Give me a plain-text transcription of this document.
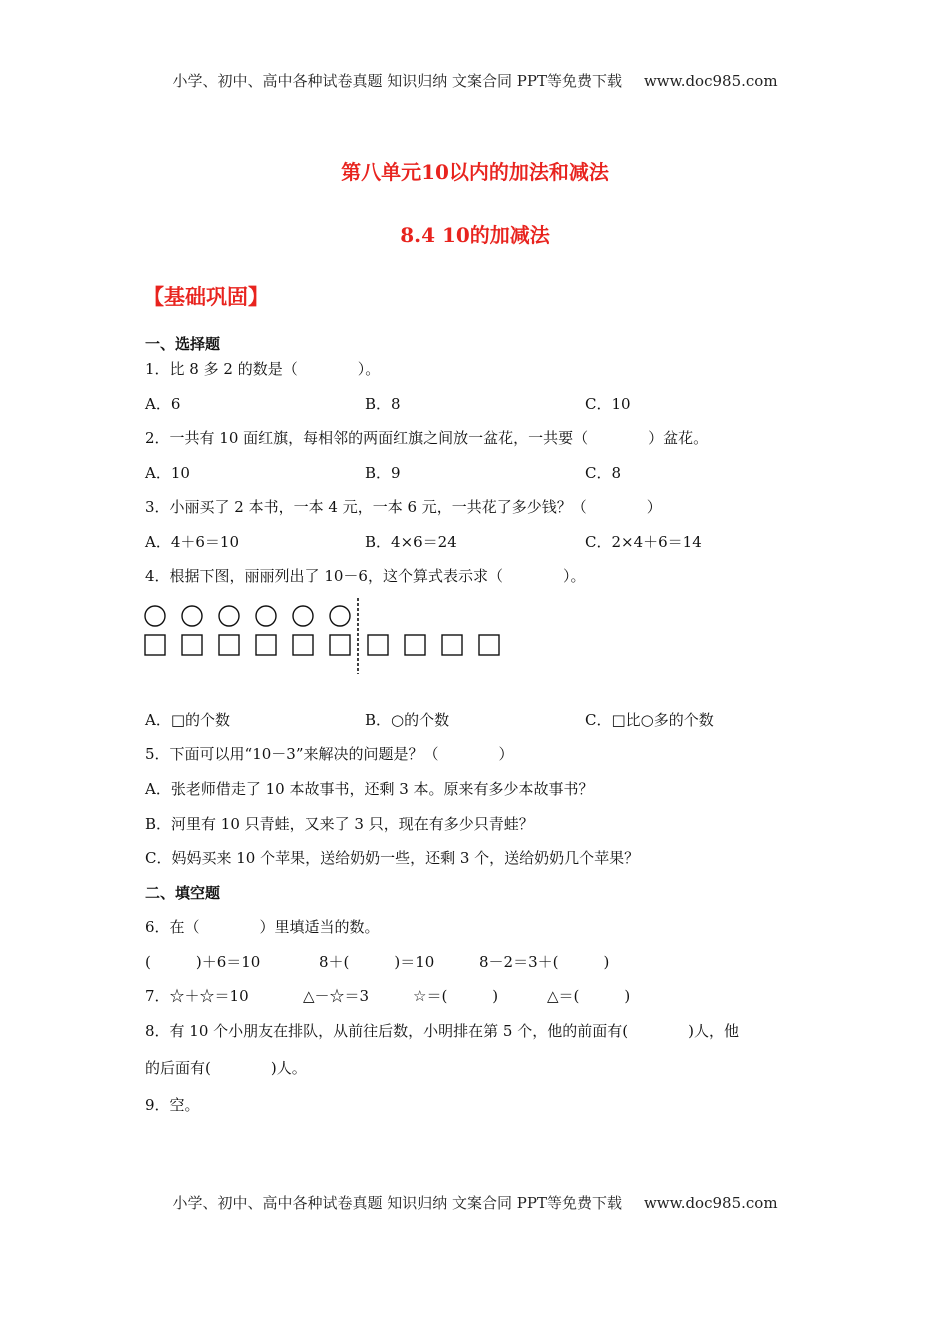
小学、初中、高中各种试卷真题 知识归纳 文案合同 PPT等免费下载 www.doc985.com
第八单元10以内的加法和减法
8.4 10的加减法
【基础巩固】
一、选择题
1．比 8 多 2 的数是（　　　　）。
A．6	B．8	C．10
2．一共有 10 面红旗，每相邻的两面红旗之间放一盆花，一共要（　　　　）盆花。
A．10	B．9	C．8
3．小丽买了 2 本书，一本 4 元，一本 6 元，一共花了多少钱？（　　　　）
A．4＋6＝10	B．4×6＝24	C．2×4＋6＝14
4．根据下图，丽丽列出了 10－6，这个算式表示求（　　　　）。
A．□的个数	B．○的个数	C．□比○多的个数
5．下面可以用“10－3”来解决的问题是？（　　　　）
A．张老师借走了 10 本故事书，还剩 3 本。原来有多少本故事书？
B．河里有 10 只青蛙，又来了 3 只，现在有多少只青蛙？
C．妈妈买来 10 个苹果，送给奶奶一些，还剩 3 个，送给奶奶几个苹果？
二、填空题
6．在（　　　　）里填适当的数。
(　　　)＋6＝10	8＋(　　　)＝10	8－2＝3＋(　　　)
7．☆＋☆＝10	△－☆＝3	☆＝(　　　)	△＝(　　　)
8．有 10 个小朋友在排队，从前往后数，小明排在第 5 个，他的前面有(　　　　)人，他
的后面有(　　　　)人。
9．空。
小学、初中、高中各种试卷真题 知识归纳 文案合同 PPT等免费下载 www.doc985.com
